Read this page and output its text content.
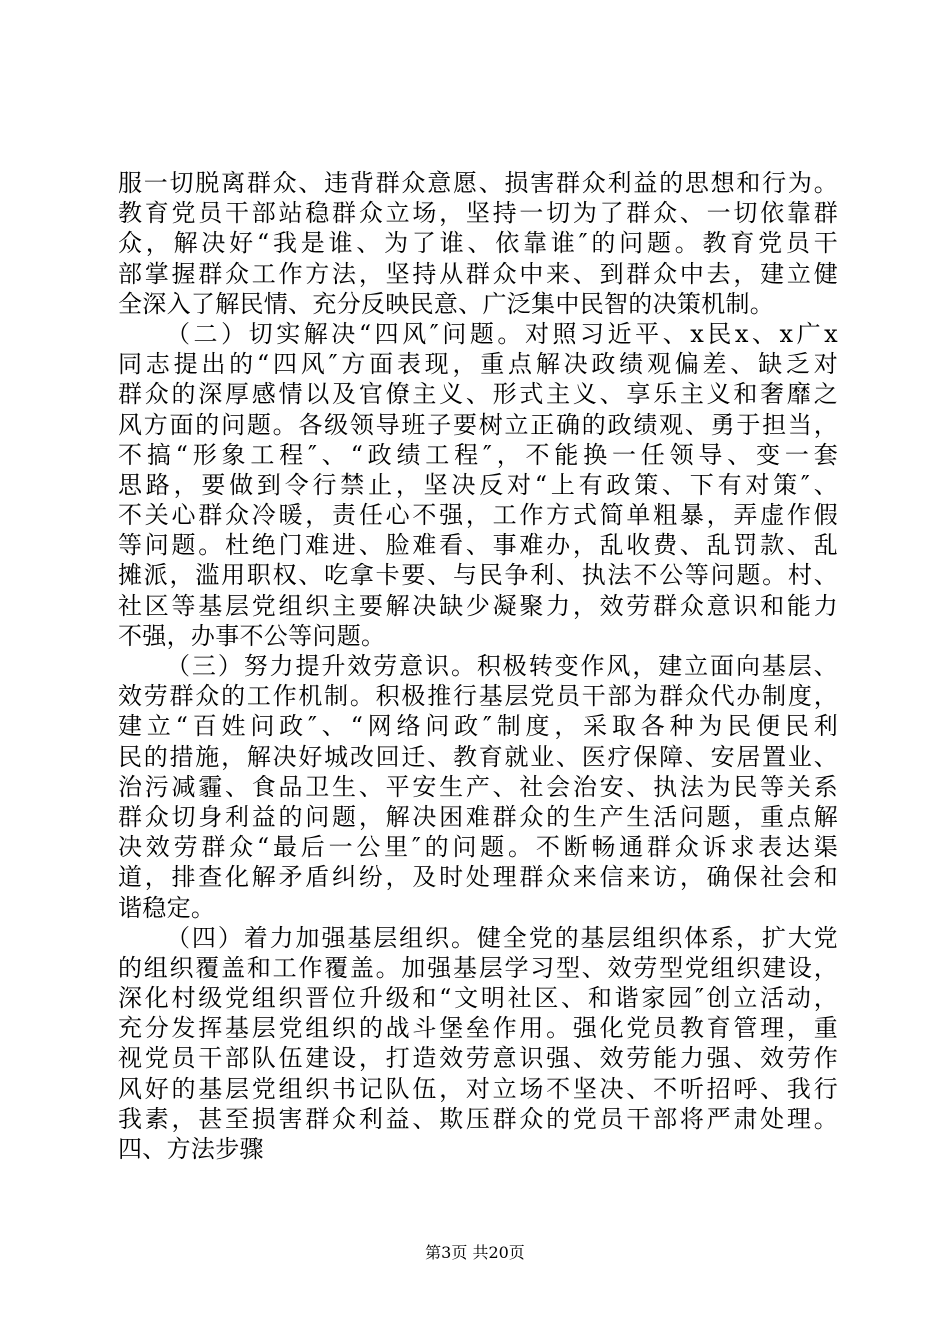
服一切脱离群众、违背群众意愿、损害群众利益的思想和行为。
教育党员干部站稳群众立场，坚持一切为了群众、一切依靠群
众，解决好“我是谁、为了谁、依靠谁″的问题。教育党员干
部掌握群众工作方法，坚持从群众中来、到群众中去，建立健
全深入了解民情、充分反映民意、广泛集中民智的决策机制。
（二）切实解决“四风″问题。对照习近平、x民x、x广x
同志提出的“四风″方面表现，重点解决政绩观偏差、缺乏对
群众的深厚感情以及官僚主义、形式主义、享乐主义和奢靡之
风方面的问题。各级领导班子要树立正确的政绩观、勇于担当，
不搞“形象工程″、“政绩工程″，不能换一任领导、变一套
思路，要做到令行禁止，坚决反对“上有政策、下有对策″、
不关心群众冷暖，责任心不强，工作方式简单粗暴，弄虚作假
等问题。杜绝门难进、脸难看、事难办，乱收费、乱罚款、乱
摊派，滥用职权、吃拿卡要、与民争利、执法不公等问题。村、
社区等基层党组织主要解决缺少凝聚力，效劳群众意识和能力
不强，办事不公等问题。
（三）努力提升效劳意识。积极转变作风，建立面向基层、
效劳群众的工作机制。积极推行基层党员干部为群众代办制度，
建立“百姓问政″、“网络问政″制度，采取各种为民便民利
民的措施，解决好城改回迁、教育就业、医疗保障、安居置业、
治污减霾、食品卫生、平安生产、社会治安、执法为民等关系
群众切身利益的问题，解决困难群众的生产生活问题，重点解
决效劳群众“最后一公里″的问题。不断畅通群众诉求表达渠
道，排查化解矛盾纠纷，及时处理群众来信来访，确保社会和
谐稳定。
（四）着力加强基层组织。健全党的基层组织体系，扩大党
的组织覆盖和工作覆盖。加强基层学习型、效劳型党组织建设，
深化村级党组织晋位升级和“文明社区、和谐家园″创立活动，
充分发挥基层党组织的战斗堡垒作用。强化党员教育管理，重
视党员干部队伍建设，打造效劳意识强、效劳能力强、效劳作
风好的基层党组织书记队伍，对立场不坚决、不听招呼、我行
我素，甚至损害群众利益、欺压群众的党员干部将严肃处理。
四、方法步骤
第3页 共20页
